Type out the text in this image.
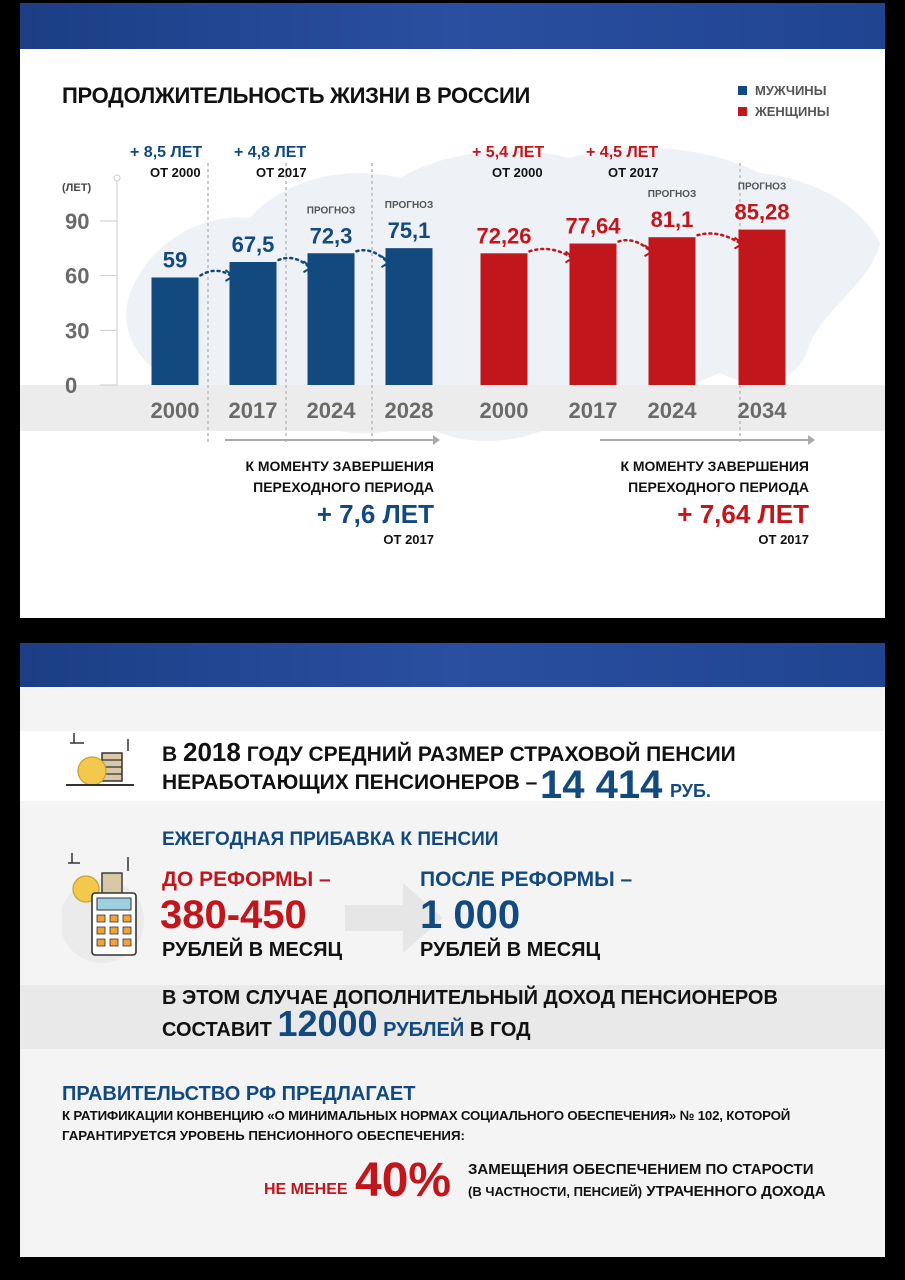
(ЛЕТ)
0
30
60
90
59
2000
67,5
2017
72,3
ПРОГНОЗ
2024
75,1
ПРОГНОЗ
2028
72,26
2000
77,64
2017
81,1
ПРОГНОЗ
2024
85,28
ПРОГНОЗ
2034
ПРОДОЛЖИТЕЛЬНОСТЬ ЖИЗНИ В РОССИИ	МУЖЧИНЫ
ЖЕНЩИНЫ
+ 8,5 ЛЕТ
ОТ 2000
+ 4,8 ЛЕТ
ОТ 2017
+ 5,4 ЛЕТ
ОТ 2000
+ 4,5 ЛЕТ
ОТ 2017
К МОМЕНТУ ЗАВЕРШЕНИЯ
ПЕРЕХОДНОГО ПЕРИОДА
+ 7,6 ЛЕТ
ОТ 2017
К МОМЕНТУ ЗАВЕРШЕНИЯ
ПЕРЕХОДНОГО ПЕРИОДА
+ 7,64 ЛЕТ
ОТ 2017
В 2018 ГОДУ СРЕДНИЙ РАЗМЕР СТРАХОВОЙ ПЕНСИИ
НЕРАБОТАЮЩИХ ПЕНСИОНЕРОВ – 14 414 РУБ.
ЕЖЕГОДНАЯ ПРИБАВКА К ПЕНСИИ
ДО РЕФОРМЫ –
380-450
РУБЛЕЙ В МЕСЯЦ
ПОСЛЕ РЕФОРМЫ –
1 000
РУБЛЕЙ В МЕСЯЦ
В ЭТОМ СЛУЧАЕ ДОПОЛНИТЕЛЬНЫЙ ДОХОД ПЕНСИОНЕРОВ
СОСТАВИТ 12000 РУБЛЕЙ В ГОД
ПРАВИТЕЛЬСТВО РФ ПРЕДЛАГАЕТ
К РАТИФИКАЦИИ КОНВЕНЦИЮ «О МИНИМАЛЬНЫХ НОРМАХ СОЦИАЛЬНОГО ОБЕСПЕЧЕНИЯ» № 102, КОТОРОЙ
ГАРАНТИРУЕТСЯ УРОВЕНЬ ПЕНСИОННОГО ОБЕСПЕЧЕНИЯ:
НЕ МЕНЕЕ 40% ЗАМЕЩЕНИЯ ОБЕСПЕЧЕНИЕМ ПО СТАРОСТИ
(В ЧАСТНОСТИ, ПЕНСИЕЙ) УТРАЧЕННОГО ДОХОДА
